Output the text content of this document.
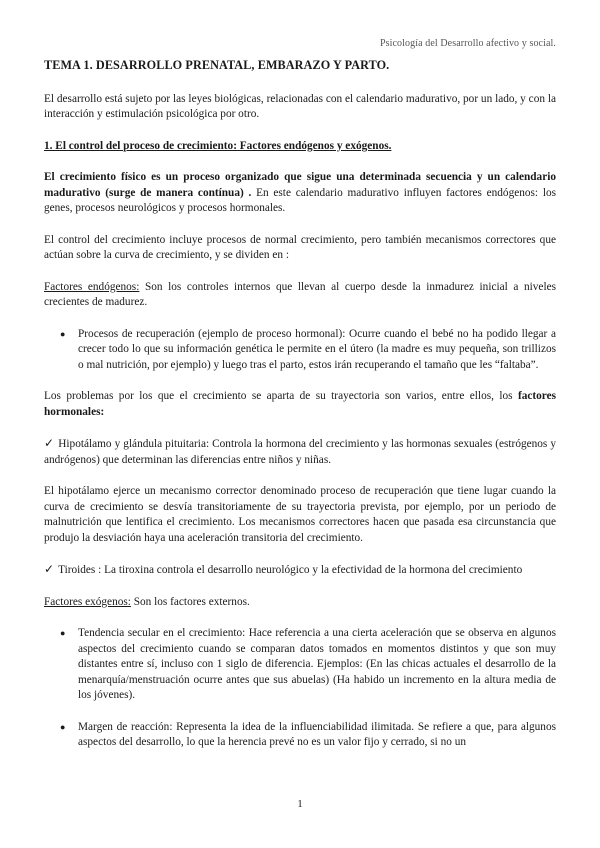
Psicología del Desarrollo afectivo y social.
TEMA 1. DESARROLLO PRENATAL, EMBARAZO Y PARTO.

El desarrollo está sujeto por las leyes biológicas, relacionadas con el calendario madurativo, por un lado, y con la interacción y estimulación psicológica por otro.

1. El control del proceso de crecimiento: Factores endógenos y exógenos.

El crecimiento físico es un proceso organizado que sigue una determinada secuencia y un calendario madurativo (surge de manera contínua) . En este calendario madurativo influyen factores endógenos: los genes, procesos neurológicos y procesos hormonales.

El control del crecimiento incluye procesos de normal crecimiento, pero también mecanismos correctores que actúan sobre la curva de crecimiento, y se dividen en :

Factores endógenos: Son los controles internos que llevan al cuerpo desde la inmadurez inicial a niveles crecientes de madurez.

● Procesos de recuperación (ejemplo de proceso hormonal): Ocurre cuando el bebé no ha podido llegar a crecer todo lo que su información genética le permite en el útero (la madre es muy pequeña, son trillizos o mal nutrición, por ejemplo) y luego tras el parto, estos irán recuperando el tamaño que les “faltaba”.

Los problemas por los que el crecimiento se aparta de su trayectoria son varios, entre ellos, los factores hormonales:

✓ Hipotálamo y glándula pituitaria: Controla la hormona del crecimiento y las hormonas sexuales (estrógenos y andrógenos) que determinan las diferencias entre niños y niñas.

El hipotálamo ejerce un mecanismo corrector denominado proceso de recuperación que tiene lugar cuando la curva de crecimiento se desvía transitoriamente de su trayectoria prevista, por ejemplo, por un periodo de malnutrición que lentifica el crecimiento. Los mecanismos correctores hacen que pasada esa circunstancia que produjo la desviación haya una aceleración transitoria del crecimiento.

✓ Tiroides : La tiroxina controla el desarrollo neurológico y la efectividad de la hormona del crecimiento

Factores exógenos: Son los factores externos.

● Tendencia secular en el crecimiento: Hace referencia a una cierta aceleración que se observa en algunos aspectos del crecimiento cuando se comparan datos tomados en momentos distintos y que son muy distantes entre sí, incluso con 1 siglo de diferencia. Ejemplos: (En las chicas actuales el desarrollo de la menarquía/menstruación ocurre antes que sus abuelas) (Ha habido un incremento en la altura media de los jóvenes).
● Margen de reacción: Representa la idea de la influenciabilidad ilimitada. Se refiere a que, para algunos aspectos del desarrollo, lo que la herencia prevé no es un valor fijo y cerrado, si no un
1
